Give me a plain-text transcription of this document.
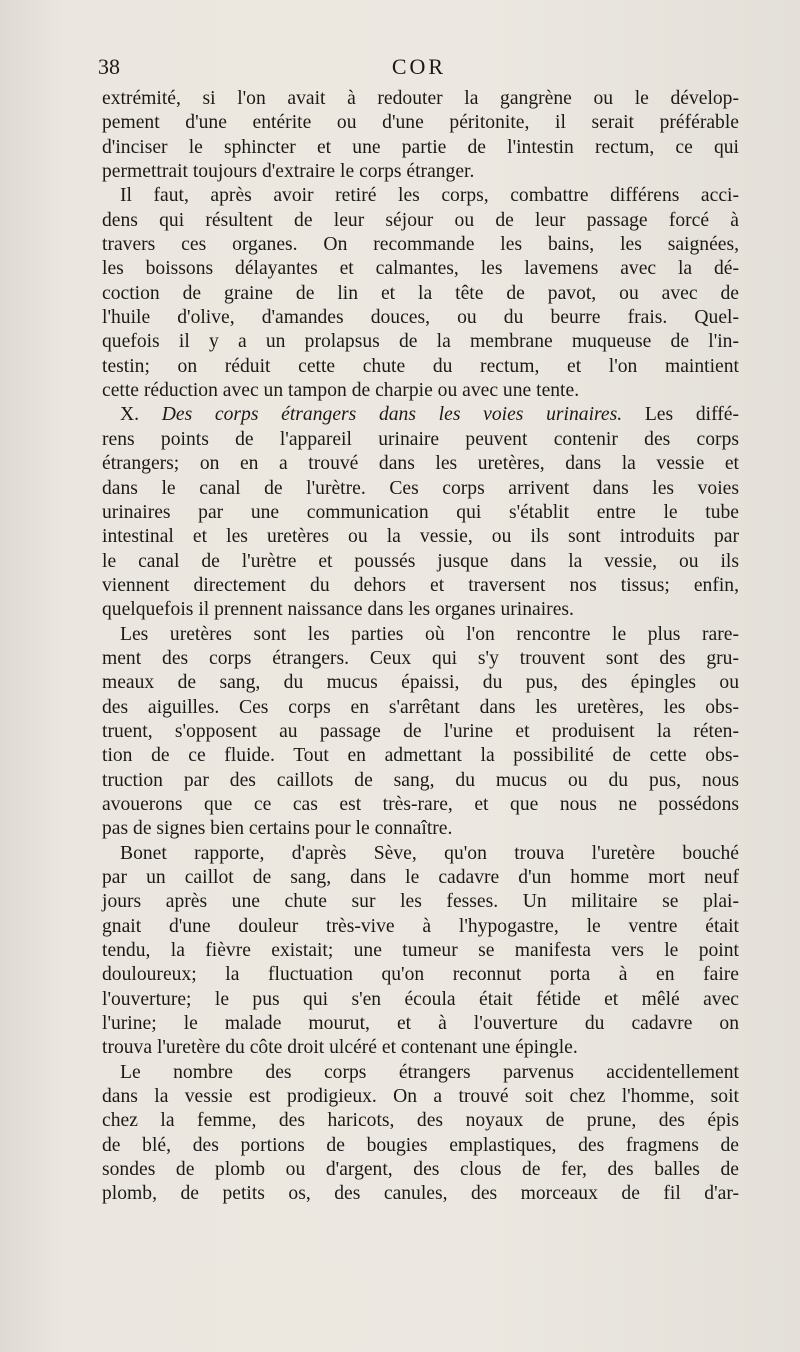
38	COR
extrémité, si l'on avait à redouter la gangrène ou le dévelop-
pement d'une entérite ou d'une péritonite, il serait préférable
d'inciser le sphincter et une partie de l'intestin rectum, ce qui
permettrait toujours d'extraire le corps étranger.
Il faut, après avoir retiré les corps, combattre différens acci-
dens qui résultent de leur séjour ou de leur passage forcé à
travers ces organes. On recommande les bains, les saignées,
les boissons délayantes et calmantes, les lavemens avec la dé-
coction de graine de lin et la tête de pavot, ou avec de
l'huile d'olive, d'amandes douces, ou du beurre frais. Quel-
quefois il y a un prolapsus de la membrane muqueuse de l'in-
testin; on réduit cette chute du rectum, et l'on maintient
cette réduction avec un tampon de charpie ou avec une tente.
X. Des corps étrangers dans les voies urinaires. Les diffé-
rens points de l'appareil urinaire peuvent contenir des corps
étrangers; on en a trouvé dans les uretères, dans la vessie et
dans le canal de l'urètre. Ces corps arrivent dans les voies
urinaires par une communication qui s'établit entre le tube
intestinal et les uretères ou la vessie, ou ils sont introduits par
le canal de l'urètre et poussés jusque dans la vessie, ou ils
viennent directement du dehors et traversent nos tissus; enfin,
quelquefois il prennent naissance dans les organes urinaires.
Les uretères sont les parties où l'on rencontre le plus rare-
ment des corps étrangers. Ceux qui s'y trouvent sont des gru-
meaux de sang, du mucus épaissi, du pus, des épingles ou
des aiguilles. Ces corps en s'arrêtant dans les uretères, les obs-
truent, s'opposent au passage de l'urine et produisent la réten-
tion de ce fluide. Tout en admettant la possibilité de cette obs-
truction par des caillots de sang, du mucus ou du pus, nous
avouerons que ce cas est très-rare, et que nous ne possédons
pas de signes bien certains pour le connaître.
Bonet rapporte, d'après Sève, qu'on trouva l'uretère bouché
par un caillot de sang, dans le cadavre d'un homme mort neuf
jours après une chute sur les fesses. Un militaire se plai-
gnait d'une douleur très-vive à l'hypogastre, le ventre était
tendu, la fièvre existait; une tumeur se manifesta vers le point
douloureux; la fluctuation qu'on reconnut porta à en faire
l'ouverture; le pus qui s'en écoula était fétide et mêlé avec
l'urine; le malade mourut, et à l'ouverture du cadavre on
trouva l'uretère du côte droit ulcéré et contenant une épingle.
Le nombre des corps étrangers parvenus accidentellement
dans la vessie est prodigieux. On a trouvé soit chez l'homme, soit
chez la femme, des haricots, des noyaux de prune, des épis
de blé, des portions de bougies emplastiques, des fragmens de
sondes de plomb ou d'argent, des clous de fer, des balles de
plomb, de petits os, des canules, des morceaux de fil d'ar-
